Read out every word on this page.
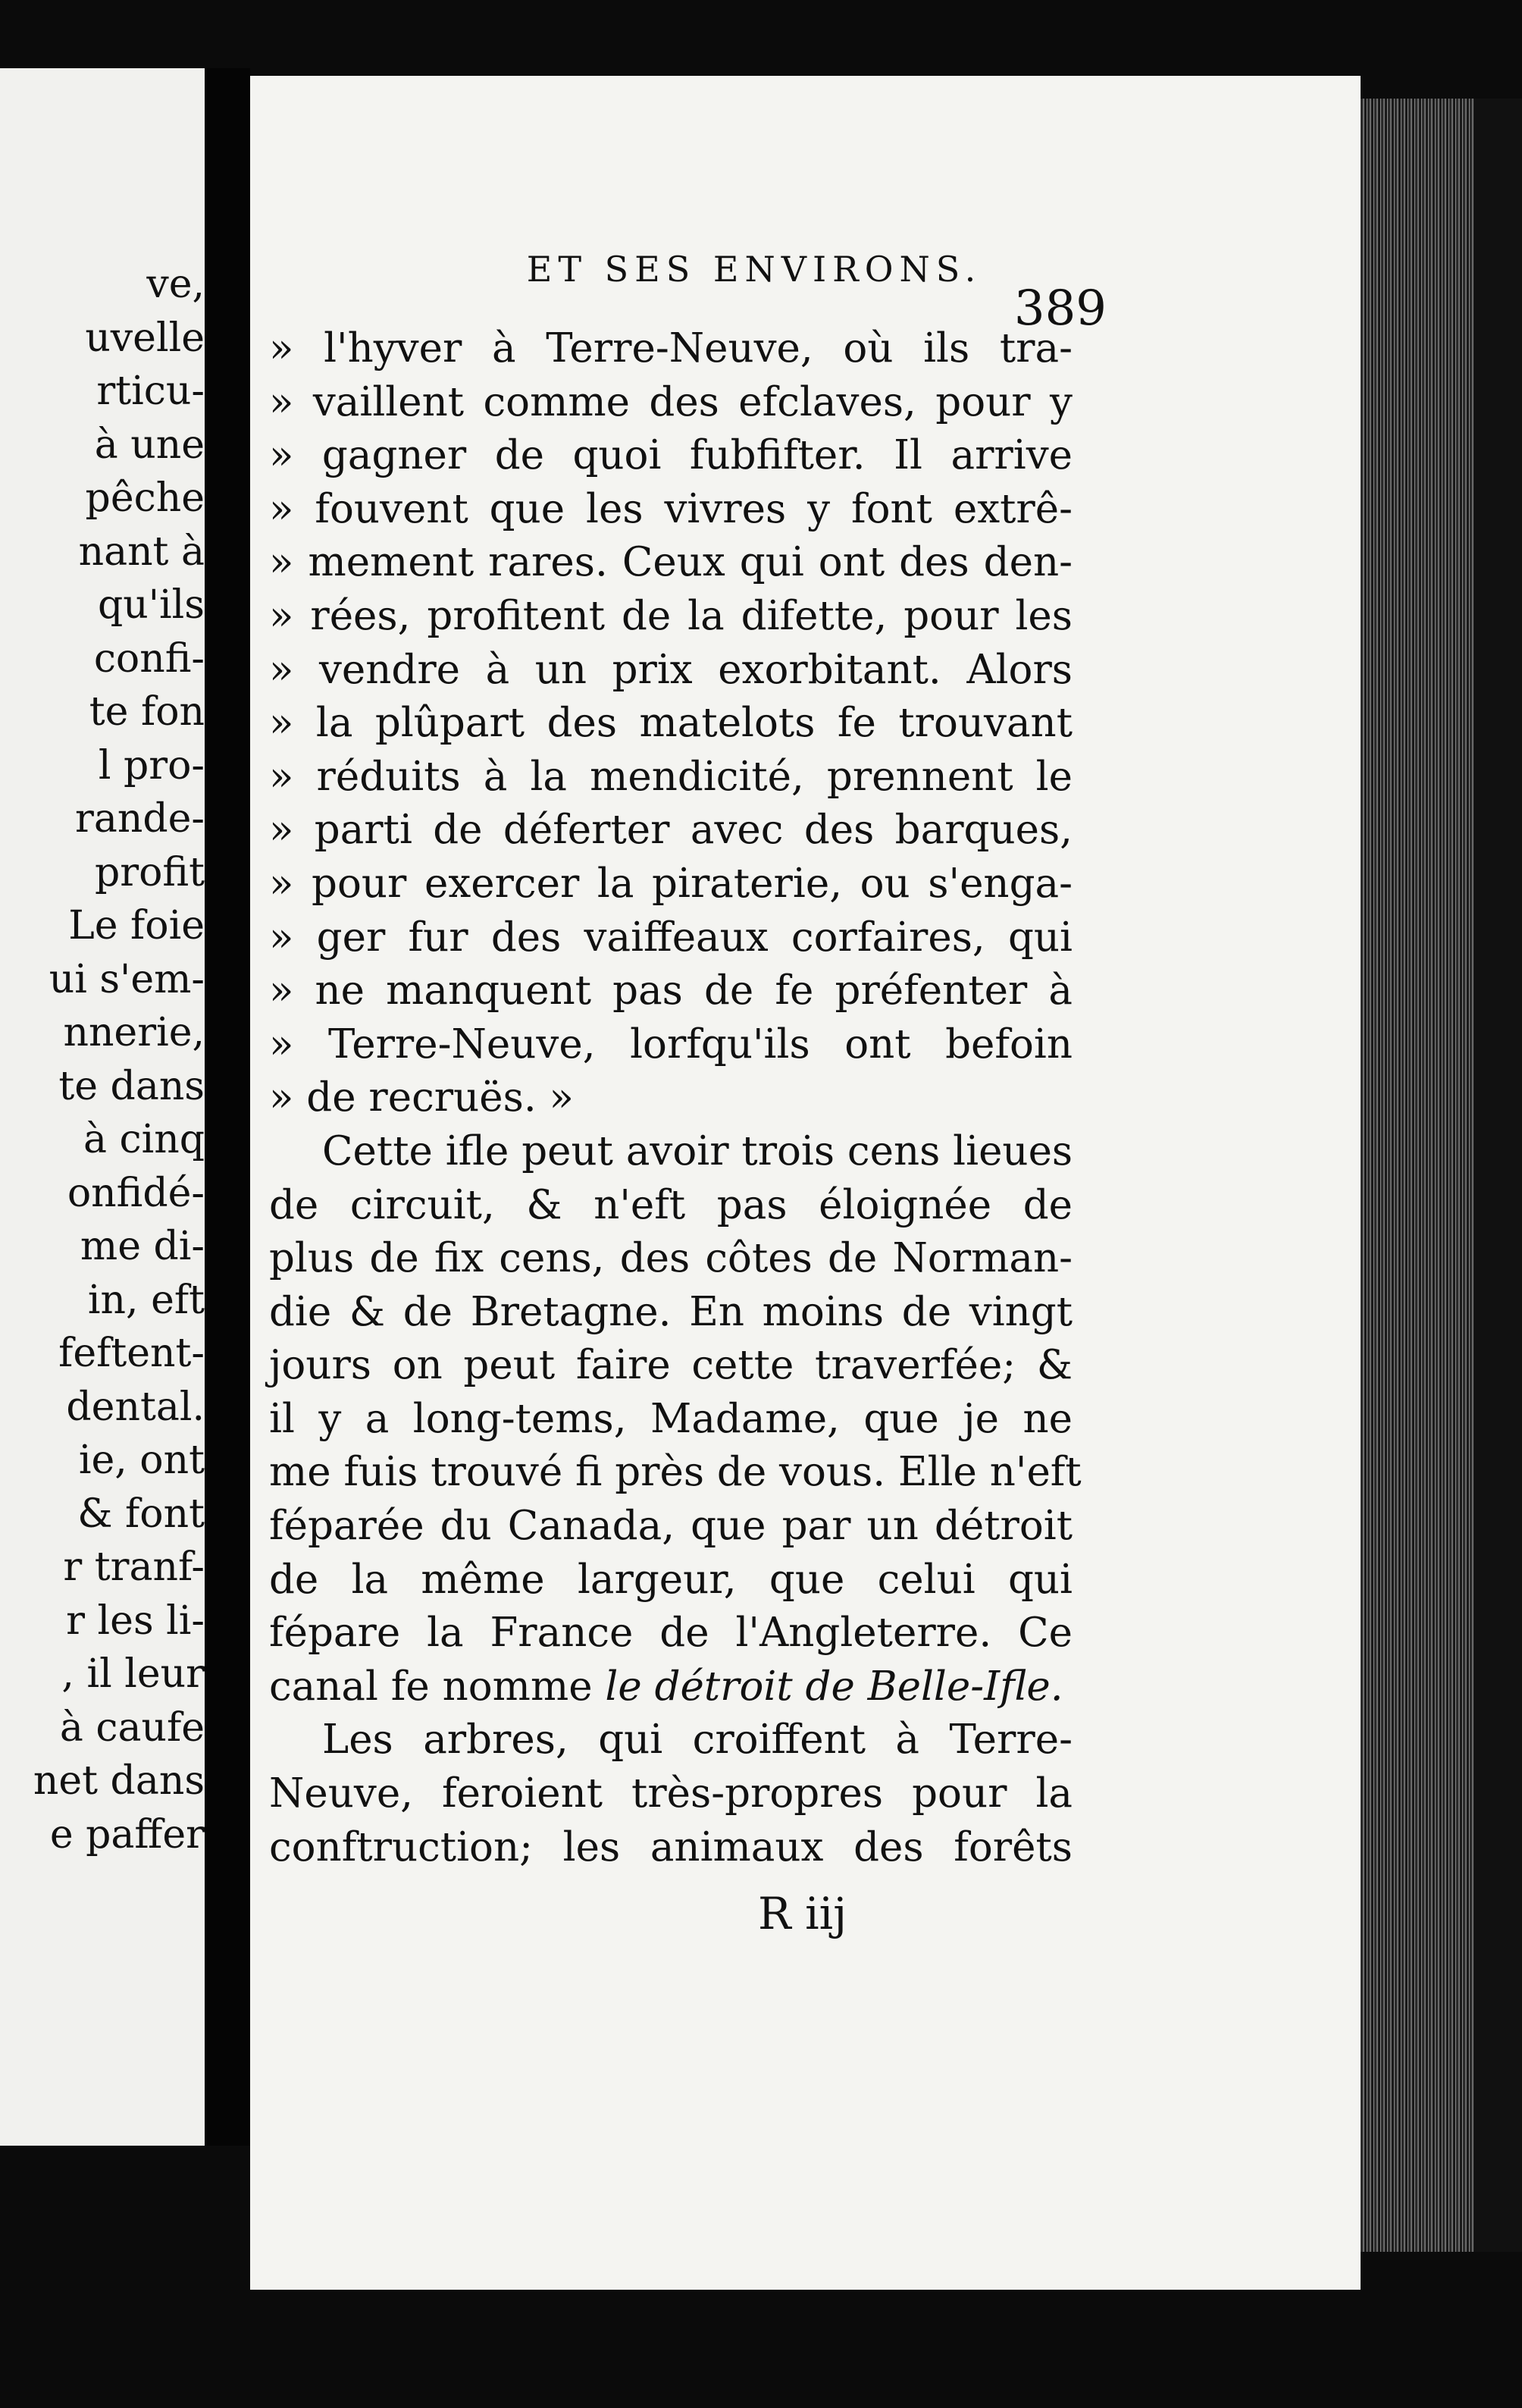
ve,
uvelle
rticu-
à une
pêche
nant à
qu'ils
confi-
te fon
l pro-
rande-
profit
Le foie
ui s'em-
nnerie,
te dans
à cinq
onfidé-
me di-
in, eft
feftent-
dental.
ie, ont
& font
r tranf-
r les li-
, il leur
à caufe
net dans
e paffer
ET SES ENVIRONS.
389
» l'hyver à Terre-Neuve, où ils tra-
» vaillent comme des efclaves, pour y
» gagner de quoi fubfifter. Il arrive
» fouvent que les vivres y font extrê-
» mement rares. Ceux qui ont des den-
» rées, profitent de la difette, pour les
» vendre à un prix exorbitant. Alors
» la plûpart des matelots fe trouvant
» réduits à la mendicité, prennent le
» parti de déferter avec des barques,
» pour exercer la piraterie, ou s'enga-
» ger fur des vaiffeaux corfaires, qui
» ne manquent pas de fe préfenter à
» Terre-Neuve, lorfqu'ils ont befoin
» de recruës. »
Cette ifle peut avoir trois cens lieues
de circuit, & n'eft pas éloignée de
plus de fix cens, des côtes de Norman-
die & de Bretagne. En moins de vingt
jours on peut faire cette traverfée; &
il y a long-tems, Madame, que je ne
me fuis trouvé fi près de vous. Elle n'eft
féparée du Canada, que par un détroit
de la même largeur, que celui qui
fépare la France de l'Angleterre. Ce
canal fe nomme le détroit de Belle-Ifle.
Les arbres, qui croiffent à Terre-
Neuve, feroient très-propres pour la
conftruction; les animaux des forêts
R iij
